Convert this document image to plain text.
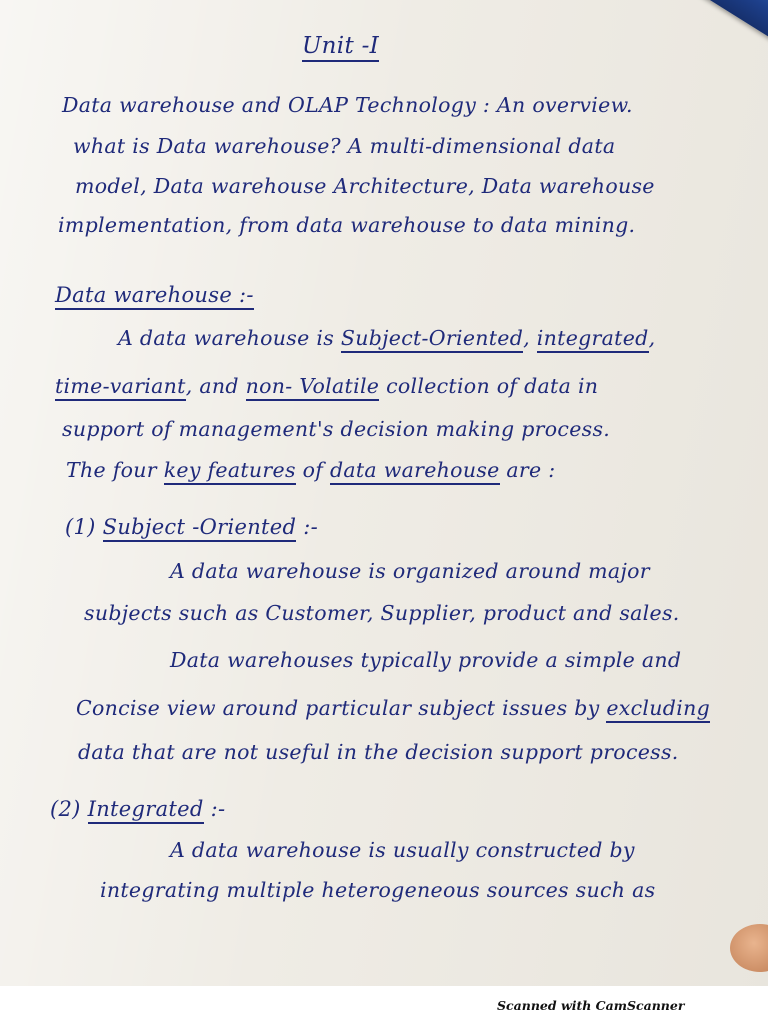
Unit -I
Data warehouse and OLAP Technology : An overview.
what is Data warehouse? A multi-dimensional data
model, Data warehouse Architecture, Data warehouse
implementation, from data warehouse to data mining.
Data warehouse :-
A data warehouse is Subject-Oriented, integrated,
time-variant, and non- Volatile collection of data in
support of management's decision making process.
The four key features of data warehouse are :
(1) Subject -Oriented :-
A data warehouse is organized around major
subjects such as Customer, Supplier, product and sales.
Data warehouses typically provide a simple and
Concise view around particular subject issues by excluding
data that are not useful in the decision support process.
(2) Integrated :-
A data warehouse is usually constructed by
integrating multiple heterogeneous sources such as
Scanned with CamScanner
